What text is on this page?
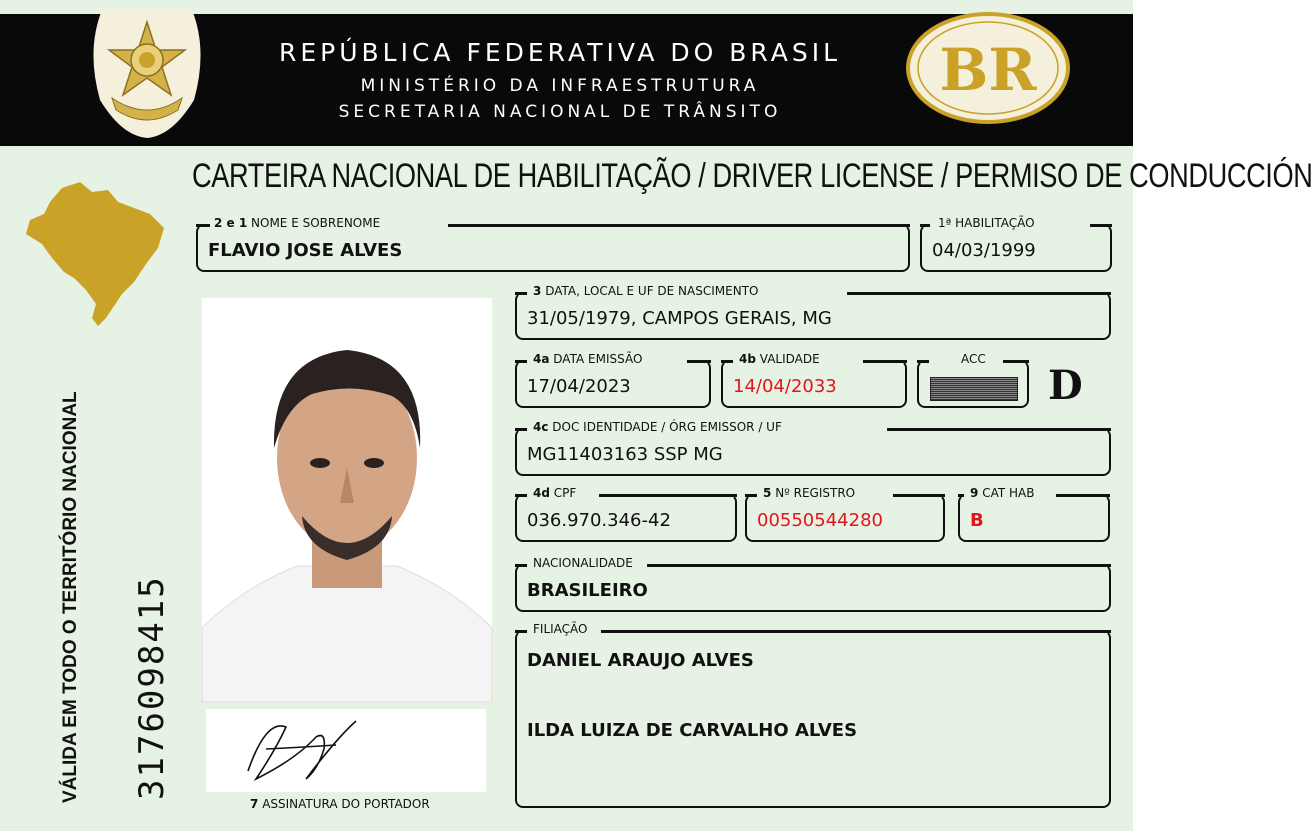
REPÚBLICA FEDERATIVA DO BRASIL
MINISTÉRIO DA INFRAESTRUTURA
SECRETARIA NACIONAL DE TRÂNSITO
BR
CARTEIRA NACIONAL DE HABILITAÇÃO / DRIVER LICENSE / PERMISO DE CONDUCCIÓN
VÁLIDA EM TODO O TERRITÓRIO NACIONAL 3176098415
2 e 1 NOME E SOBRENOME
FLAVIO JOSE ALVES
1ª HABILITAÇÃO
04/03/1999
7 ASSINATURA DO PORTADOR
3 DATA, LOCAL E UF DE NASCIMENTO
31/05/1979, CAMPOS GERAIS, MG
4a DATA EMISSÃO
17/04/2023
4b VALIDADE
14/04/2033
ACC
D
4c DOC IDENTIDADE / ÓRG EMISSOR / UF
MG11403163 SSP MG
4d CPF
036.970.346-42
5 Nº REGISTRO
00550544280
9 CAT HAB
B
NACIONALIDADE
BRASILEIRO
FILIAÇÃO
DANIEL ARAUJO ALVES
ILDA LUIZA DE CARVALHO ALVES
